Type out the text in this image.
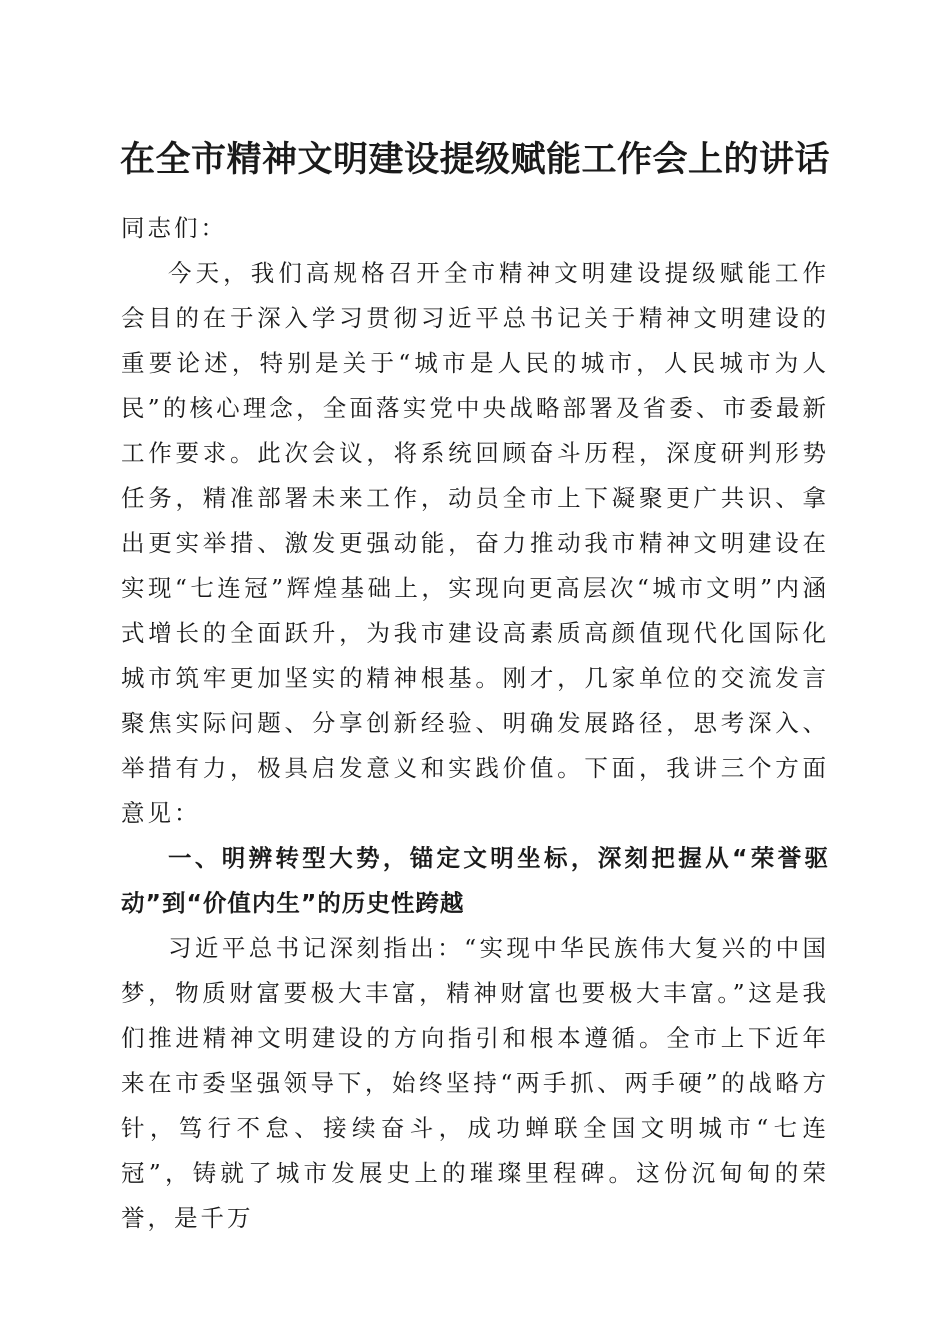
在全市精神文明建设提级赋能工作会上的讲话

同志们：

今天，我们高规格召开全市精神文明建设提级赋能工作会目的在于深入学习贯彻习近平总书记关于精神文明建设的重要论述，特别是关于“城市是人民的城市，人民城市为人民”的核心理念，全面落实党中央战略部署及省委、市委最新工作要求。此次会议，将系统回顾奋斗历程，深度研判形势任务，精准部署未来工作，动员全市上下凝聚更广共识、拿出更实举措、激发更强动能，奋力推动我市精神文明建设在实现“七连冠”辉煌基础上，实现向更高层次“城市文明”内涵式增长的全面跃升，为我市建设高素质高颜值现代化国际化城市筑牢更加坚实的精神根基。刚才，几家单位的交流发言聚焦实际问题、分享创新经验、明确发展路径，思考深入、举措有力，极具启发意义和实践价值。下面，我讲三个方面意见：

一、明辨转型大势，锚定文明坐标，深刻把握从“荣誉驱动”到“价值内生”的历史性跨越

习近平总书记深刻指出：“实现中华民族伟大复兴的中国梦，物质财富要极大丰富，精神财富也要极大丰富。”这是我们推进精神文明建设的方向指引和根本遵循。全市上下近年来在市委坚强领导下，始终坚持“两手抓、两手硬”的战略方针，笃行不怠、接续奋斗，成功蝉联全国文明城市“七连冠”，铸就了城市发展史上的璀璨里程碑。这份沉甸甸的荣誉，是千万
